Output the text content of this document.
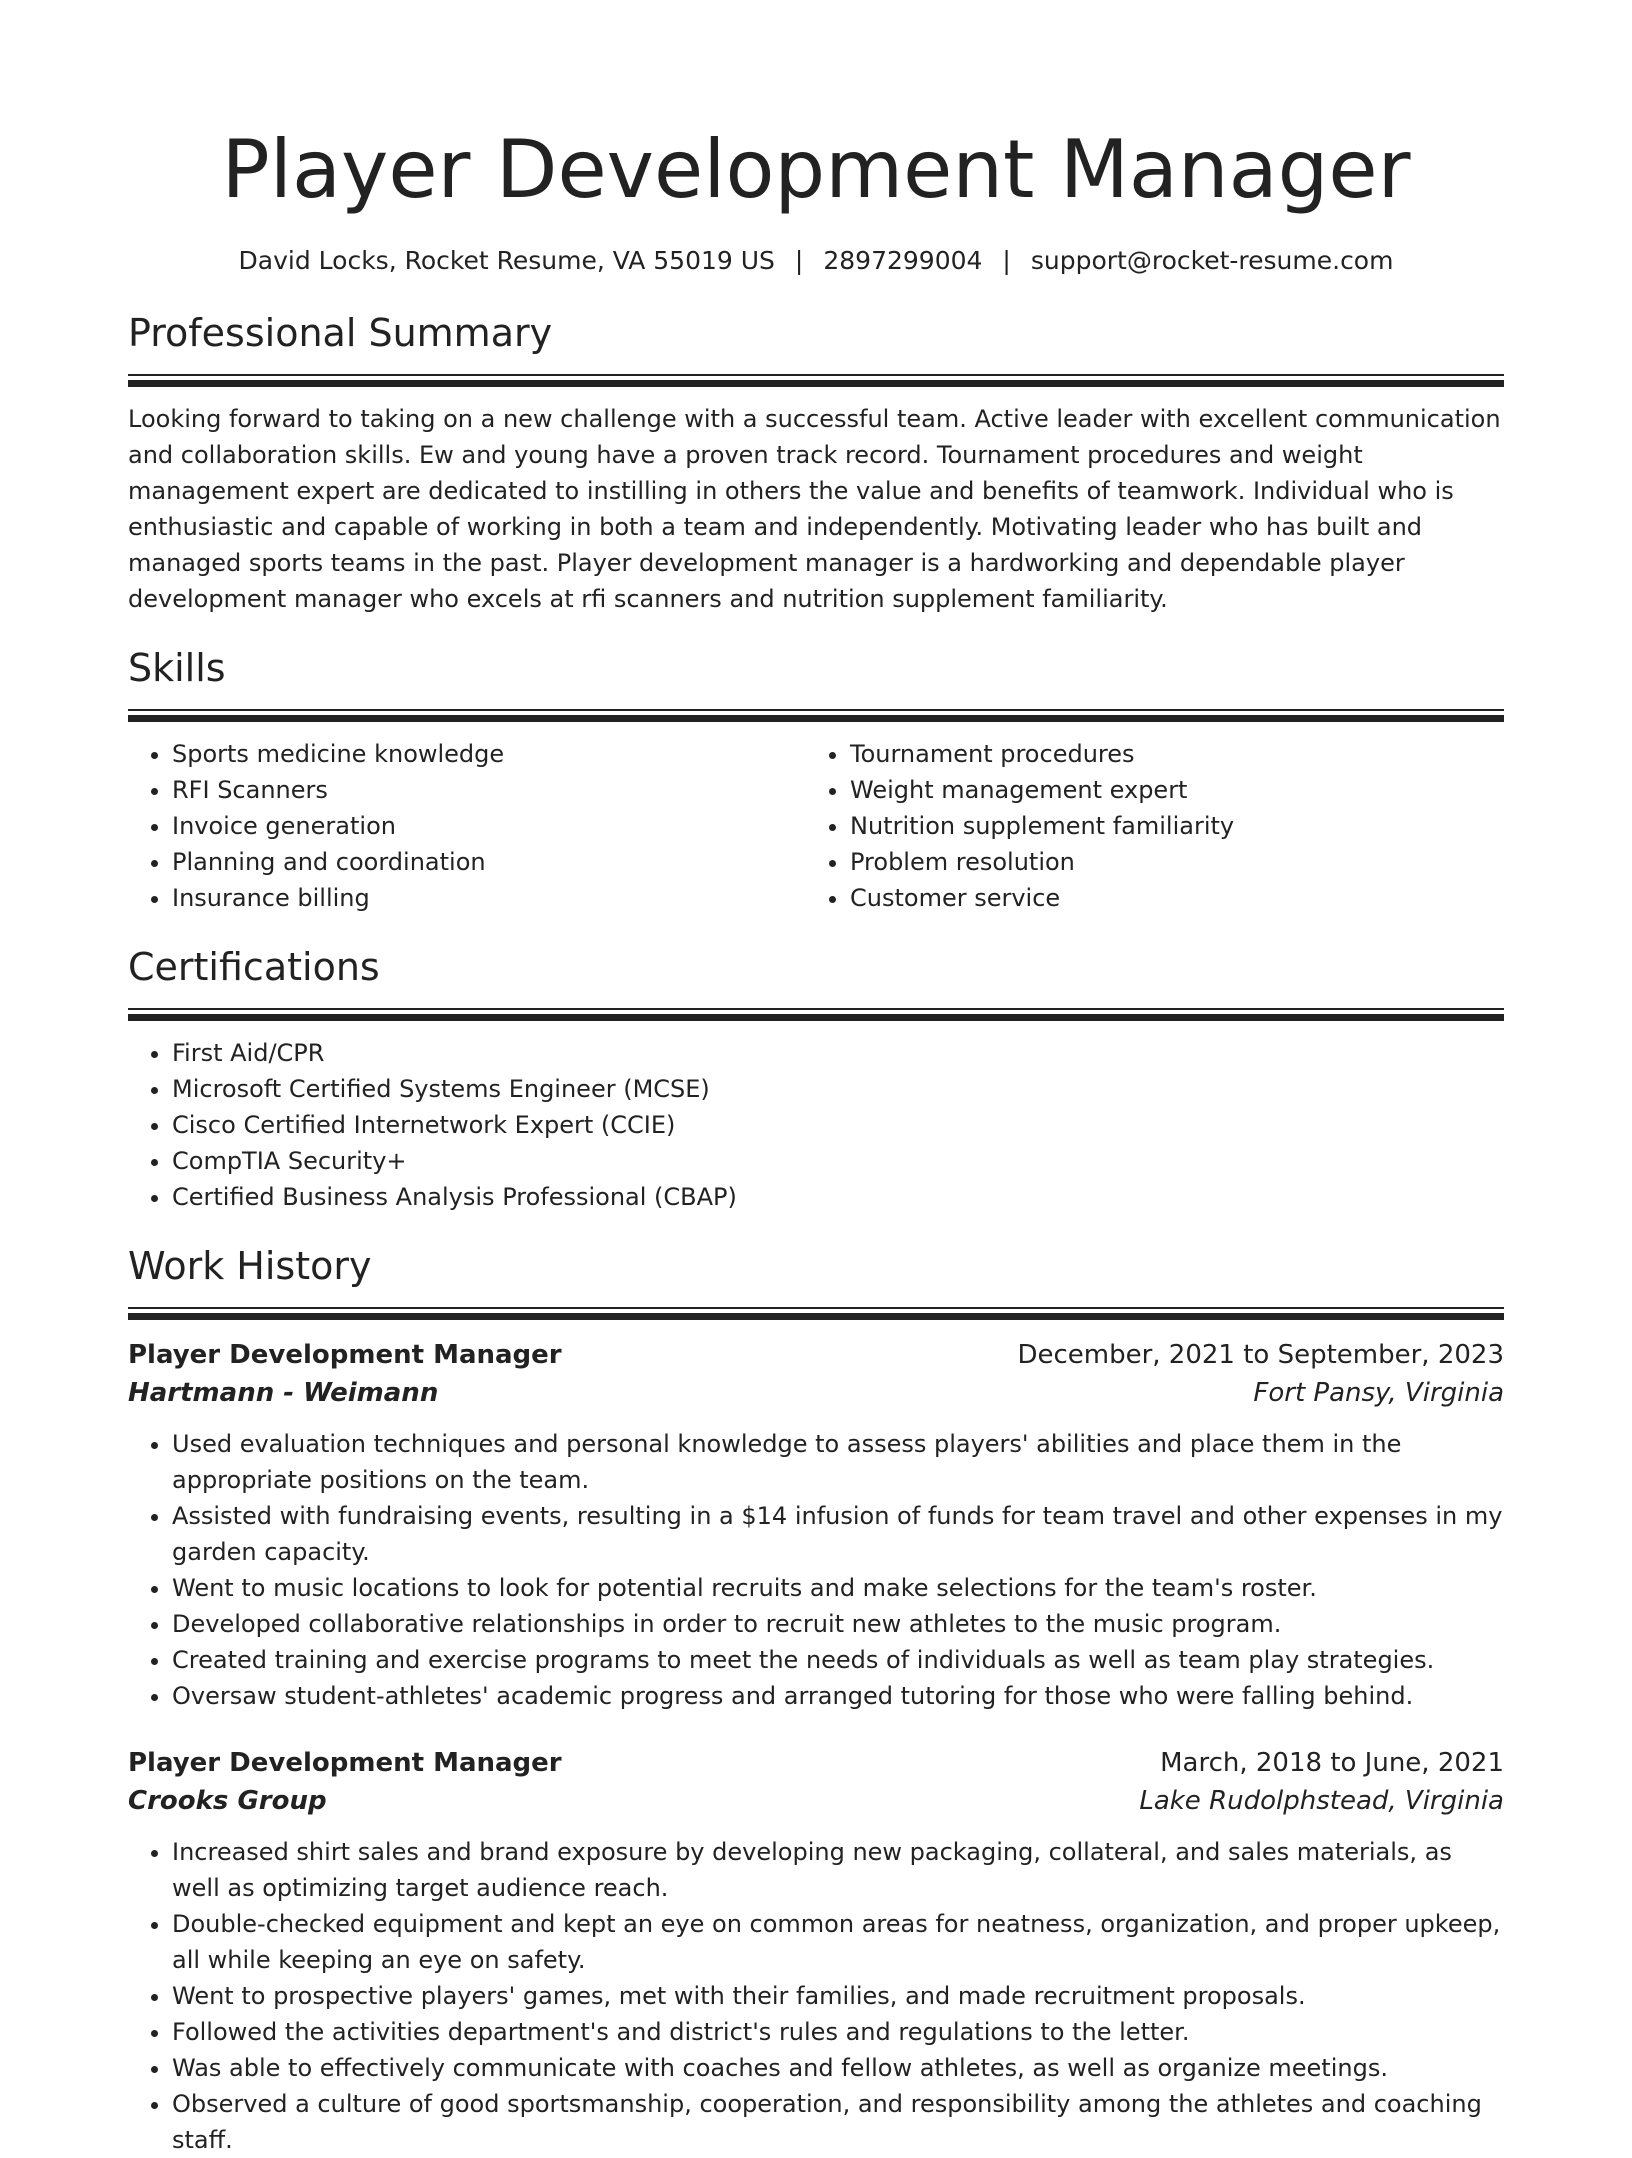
Player Development Manager
David Locks, Rocket Resume, VA 55019 US | 2897299004 | support@rocket-resume.com
Professional Summary

Looking forward to taking on a new challenge with a successful team. Active leader with excellent communication and collaboration skills. Ew and young have a proven track record. Tournament procedures and weight management expert are dedicated to instilling in others the value and benefits of teamwork. Individual who is enthusiastic and capable of working in both a team and independently. Motivating leader who has built and managed sports teams in the past. Player development manager is a hardworking and dependable player development manager who excels at rfi scanners and nutrition supplement familiarity.

Skills
• Sports medicine knowledge
• RFI Scanners
• Invoice generation
• Planning and coordination
• Insurance billing
• Tournament procedures
• Weight management expert
• Nutrition supplement familiarity
• Problem resolution
• Customer service
Certifications
• First Aid/CPR
• Microsoft Certified Systems Engineer (MCSE)
• Cisco Certified Internetwork Expert (CCIE)
• CompTIA Security+
• Certified Business Analysis Professional (CBAP)
Work History
Player Development Manager	December, 2021 to September, 2023
Hartmann - Weimann	Fort Pansy, Virginia
• Used evaluation techniques and personal knowledge to assess players' abilities and place them in the appropriate positions on the team.
• Assisted with fundraising events, resulting in a $14 infusion of funds for team travel and other expenses in my garden capacity.
• Went to music locations to look for potential recruits and make selections for the team's roster.
• Developed collaborative relationships in order to recruit new athletes to the music program.
• Created training and exercise programs to meet the needs of individuals as well as team play strategies.
• Oversaw student-athletes' academic progress and arranged tutoring for those who were falling behind.
Player Development Manager	March, 2018 to June, 2021
Crooks Group	Lake Rudolphstead, Virginia
• Increased shirt sales and brand exposure by developing new packaging, collateral, and sales materials, as well as optimizing target audience reach.
• Double-checked equipment and kept an eye on common areas for neatness, organization, and proper upkeep, all while keeping an eye on safety.
• Went to prospective players' games, met with their families, and made recruitment proposals.
• Followed the activities department's and district's rules and regulations to the letter.
• Was able to effectively communicate with coaches and fellow athletes, as well as organize meetings.
• Observed a culture of good sportsmanship, cooperation, and responsibility among the athletes and coaching staff.
